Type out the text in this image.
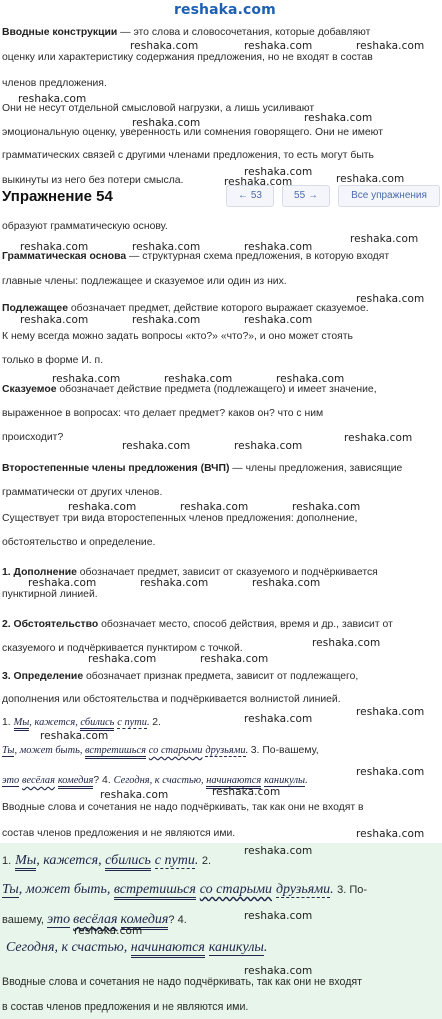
reshaka.com
Вводные конструкции — это слова и словосочетания, которые добавляют
оценку или характеристику содержания предложения, но не входят в состав
членов предложения.
Они не несут отдельной смысловой нагрузки, а лишь усиливают
эмоциональную оценку, уверенность или сомнения говорящего. Они не имеют
грамматических связей с другими членами предложения, то есть могут быть
выкинуты из него без потери смысла.
Упражнение 54	← 53	55 →	Все упражнения
образуют грамматическую основу.
Грамматическая основа — структурная схема предложения, в которую входят
главные члены: подлежащее и сказуемое или один из них.
Подлежащее обозначает предмет, действие которого выражает сказуемое.
К нему всегда можно задать вопросы «кто?» «что?», и оно может стоять
только в форме И. п.
Сказуемое обозначает действие предмета (подлежащего) и имеет значение,
выраженное в вопросах: что делает предмет? каков он? что с ним
происходит?
Второстепенные члены предложения (ВЧП) — члены предложения, зависящие
грамматически от других членов.
Существует три вида второстепенных членов предложения: дополнение,
обстоятельство и определение.
1. Дополнение обозначает предмет, зависит от сказуемого и подчёркивается
пунктирной линией.
2. Обстоятельство обозначает место, способ действия, время и др., зависит от
сказуемого и подчёркивается пунктиром с точкой.
3. Определение обозначает признак предмета, зависит от подлежащего,
дополнения или обстоятельства и подчёркивается волнистой линией.
1. Мы, кажется, сбились с пути. 2.
Ты, может быть, встретишься со старыми друзьями. 3. По-вашему,
это весёлая комедия? 4. Сегодня, к счастью, начинаются каникулы.
Вводные слова и сочетания не надо подчёркивать, так как они не входят в
состав членов предложения и не являются ими.
1. Мы, кажется, сбились с пути. 2.
Ты, может быть, встретишься со старыми друзьями. 3. По-
вашему, это весёлая комедия? 4.
Сегодня, к счастью, начинаются каникулы.
Вводные слова и сочетания не надо подчёркивать, так как они не входят
в состав членов предложения и не являются ими.
reshaka.com	reshaka.com	reshaka.com
reshaka.com
reshaka.com	reshaka.com
reshaka.com
reshaka.com
reshaka.com
reshaka.com
reshaka.com	reshaka.com	reshaka.com
reshaka.com
reshaka.com	reshaka.com	reshaka.com
reshaka.com	reshaka.com	reshaka.com
reshaka.com
reshaka.com	reshaka.com
reshaka.com	reshaka.com	reshaka.com
reshaka.com	reshaka.com	reshaka.com
reshaka.com
reshaka.com	reshaka.com
reshaka.com
reshaka.com
reshaka.com
reshaka.com
reshaka.com	reshaka.com
reshaka.com
reshaka.com
reshaka.com
reshaka.com
reshaka.com
